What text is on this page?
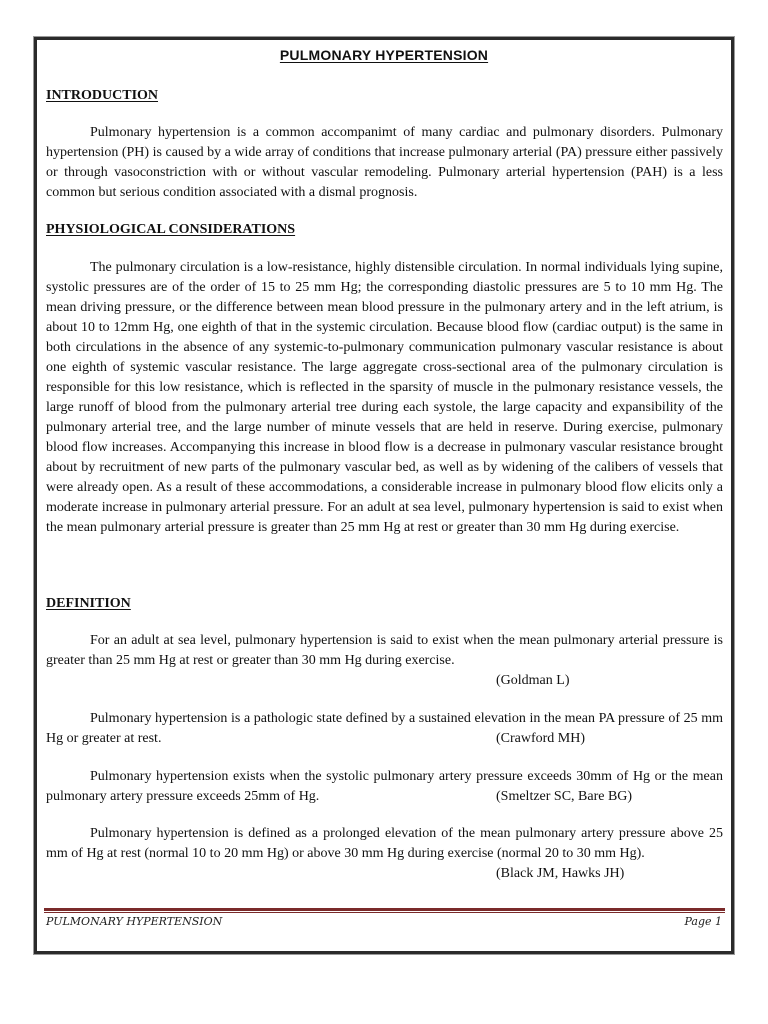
PULMONARY HYPERTENSION
INTRODUCTION

Pulmonary hypertension is a common accompanimt of many cardiac and pulmonary disorders. Pulmonary hypertension (PH) is caused by a wide array of conditions that increase pulmonary arterial (PA) pressure either passively or through vasoconstriction with or without vascular remodeling. Pulmonary arterial hypertension (PAH) is a less common but serious condition associated with a dismal prognosis.

PHYSIOLOGICAL CONSIDERATIONS

The pulmonary circulation is a low-resistance, highly distensible circulation. In normal individuals lying supine, systolic pressures are of the order of 15 to 25 mm Hg; the corresponding diastolic pressures are 5 to 10 mm Hg. The mean driving pressure, or the difference between mean blood pressure in the pulmonary artery and in the left atrium, is about 10 to 12mm Hg, one eighth of that in the systemic circulation. Because blood flow (cardiac output) is the same in both circulations in the absence of any systemic-to-pulmonary communication pulmonary vascular resistance is about one eighth of systemic vascular resistance. The large aggregate cross-sectional area of the pulmonary circulation is responsible for this low resistance, which is reflected in the sparsity of muscle in the pulmonary resistance vessels, the large runoff of blood from the pulmonary arterial tree during each systole, the large capacity and expansibility of the pulmonary arterial tree, and the large number of minute vessels that are held in reserve. During exercise, pulmonary blood flow increases. Accompanying this increase in blood flow is a decrease in pulmonary vascular resistance brought about by recruitment of new parts of the pulmonary vascular bed, as well as by widening of the calibers of vessels that were already open. As a result of these accommodations, a considerable increase in pulmonary blood flow elicits only a moderate increase in pulmonary arterial pressure. For an adult at sea level, pulmonary hypertension is said to exist when the mean pulmonary arterial pressure is greater than 25 mm Hg at rest or greater than 30 mm Hg during exercise.

DEFINITION

For an adult at sea level, pulmonary hypertension is said to exist when the mean pulmonary arterial pressure is greater than 25 mm Hg at rest or greater than 30 mm Hg during exercise.

(Goldman L)

Pulmonary hypertension is a pathologic state defined by a sustained elevation in the mean PA pressure of 25 mm Hg or greater at rest.	(Crawford MH)

Pulmonary hypertension exists when the systolic pulmonary artery pressure exceeds 30mm of Hg or the mean pulmonary artery pressure exceeds 25mm of Hg.	(Smeltzer SC, Bare BG)

Pulmonary hypertension is defined as a prolonged elevation of the mean pulmonary artery pressure above 25 mm of Hg at rest (normal 10 to 20 mm Hg) or above 30 mm Hg during exercise (normal 20 to 30 mm Hg).

(Black JM, Hawks JH)
PULMONARY HYPERTENSION	Page 1
